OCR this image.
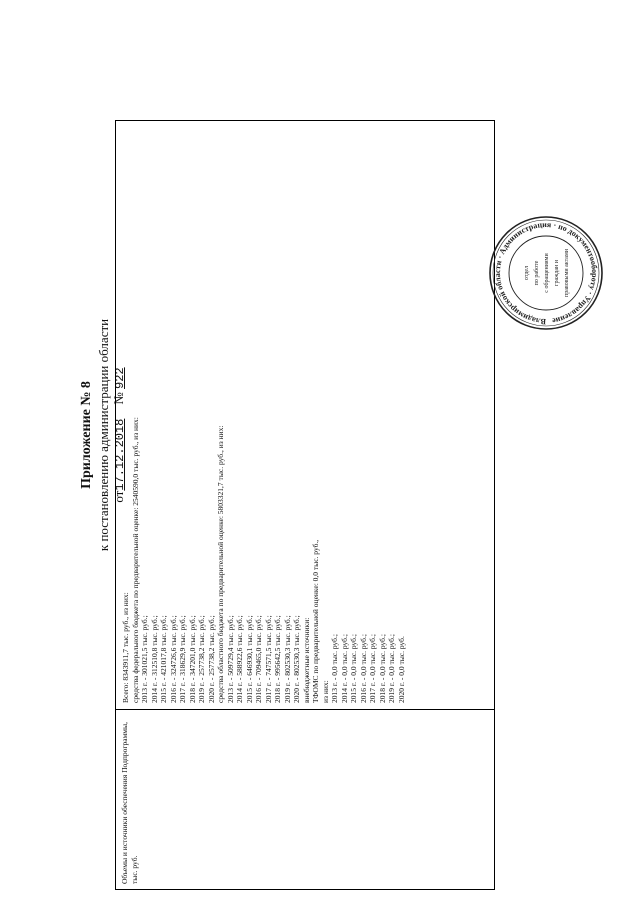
Приложение № 8 к постановлению администрации области от17.12.2018№ 922
Объемы и источники обеспечения Подпрограммы, тыс. руб.
Всего: 8343911,7 тыс. руб., из них: средства федерального бюджета по предварительной оценке: 2540590,0 тыс. руб., из них: 2013 г. - 301021,5 тыс. руб.; 2014 г. - 312510,8 тыс. руб.; 2015 г. - 421017,8 тыс. руб.; 2016 г. - 324726,6 тыс. руб.; 2017 г. - 318629,9 тыс. руб.; 2018 г. - 347201,0 тыс. руб.; 2019 г. - 257738,2 тыс. руб.; 2020 г. - 257738,2 тыс. руб.; средства областного бюджета по предварительной оценке: 5803321,7 тыс. руб., из них: 2013 г. - 509729,4 тыс. руб.; 2014 г. - 588922,6 тыс. руб.; 2015 г. - 646930,1 тыс. руб.; 2016 г. - 709465,0 тыс. руб.; 2017 г. - 747571,5 тыс. руб.; 2018 г. - 995642,5 тыс. руб.; 2019 г. - 802530,3 тыс. руб.; 2020 г. - 802530,3 тыс. руб.; внебюджетные источники: ТФОМС по предварительной оценке: 0,0 тыс. руб., из них: 2013 г. - 0,0 тыс. руб.; 2014 г. - 0,0 тыс. руб.; 2015 г. - 0,0 тыс. руб.; 2016 г. - 0,0 тыс. руб.; 2017 г. - 0,0 тыс. руб.; 2018 г. - 0,0 тыс. руб.; 2019 г. - 0,0 тыс. руб.; 2020 г. - 0,0 тыс. руб.
Владимирской области · Администрация · по документообороту · Управление
отдел по работе с обращениями граждан и правовыми актами
